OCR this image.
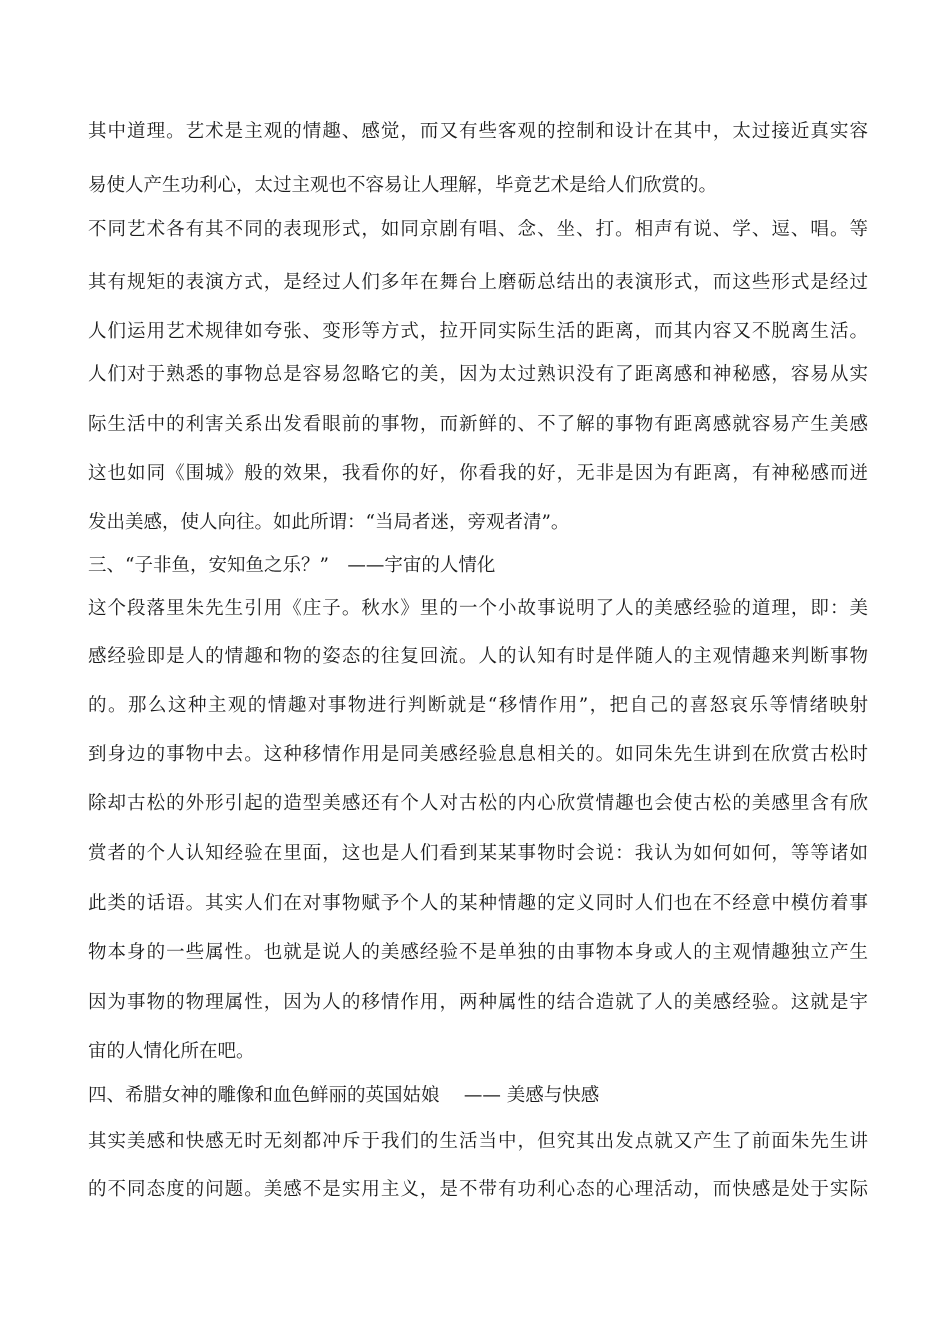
其中道理。艺术是主观的情趣、感觉，而又有些客观的控制和设计在其中，太过接近真实容
易使人产生功利心，太过主观也不容易让人理解，毕竟艺术是给人们欣赏的。
不同艺术各有其不同的表现形式，如同京剧有唱、念、坐、打。相声有说、学、逗、唱。等
其有规矩的表演方式，是经过人们多年在舞台上磨砺总结出的表演形式，而这些形式是经过
人们运用艺术规律如夸张、变形等方式，拉开同实际生活的距离，而其内容又不脱离生活。
人们对于熟悉的事物总是容易忽略它的美，因为太过熟识没有了距离感和神秘感，容易从实
际生活中的利害关系出发看眼前的事物，而新鲜的、不了解的事物有距离感就容易产生美感
这也如同《围城》般的效果，我看你的好，你看我的好，无非是因为有距离，有神秘感而迸
发出美感，使人向往。如此所谓：“当局者迷，旁观者清”。
三、“子非鱼，安知鱼之乐？”　——宇宙的人情化
这个段落里朱先生引用《庄子。秋水》里的一个小故事说明了人的美感经验的道理，即：美
感经验即是人的情趣和物的姿态的往复回流。人的认知有时是伴随人的主观情趣来判断事物
的。那么这种主观的情趣对事物进行判断就是“移情作用”，把自己的喜怒哀乐等情绪映射
到身边的事物中去。这种移情作用是同美感经验息息相关的。如同朱先生讲到在欣赏古松时
除却古松的外形引起的造型美感还有个人对古松的内心欣赏情趣也会使古松的美感里含有欣
赏者的个人认知经验在里面，这也是人们看到某某事物时会说：我认为如何如何，等等诸如
此类的话语。其实人们在对事物赋予个人的某种情趣的定义同时人们也在不经意中模仿着事
物本身的一些属性。也就是说人的美感经验不是单独的由事物本身或人的主观情趣独立产生
因为事物的物理属性，因为人的移情作用，两种属性的结合造就了人的美感经验。这就是宇
宙的人情化所在吧。
四、希腊女神的雕像和血色鲜丽的英国姑娘　 —— 美感与快感
其实美感和快感无时无刻都冲斥于我们的生活当中，但究其出发点就又产生了前面朱先生讲
的不同态度的问题。美感不是实用主义，是不带有功利心态的心理活动，而快感是处于实际
